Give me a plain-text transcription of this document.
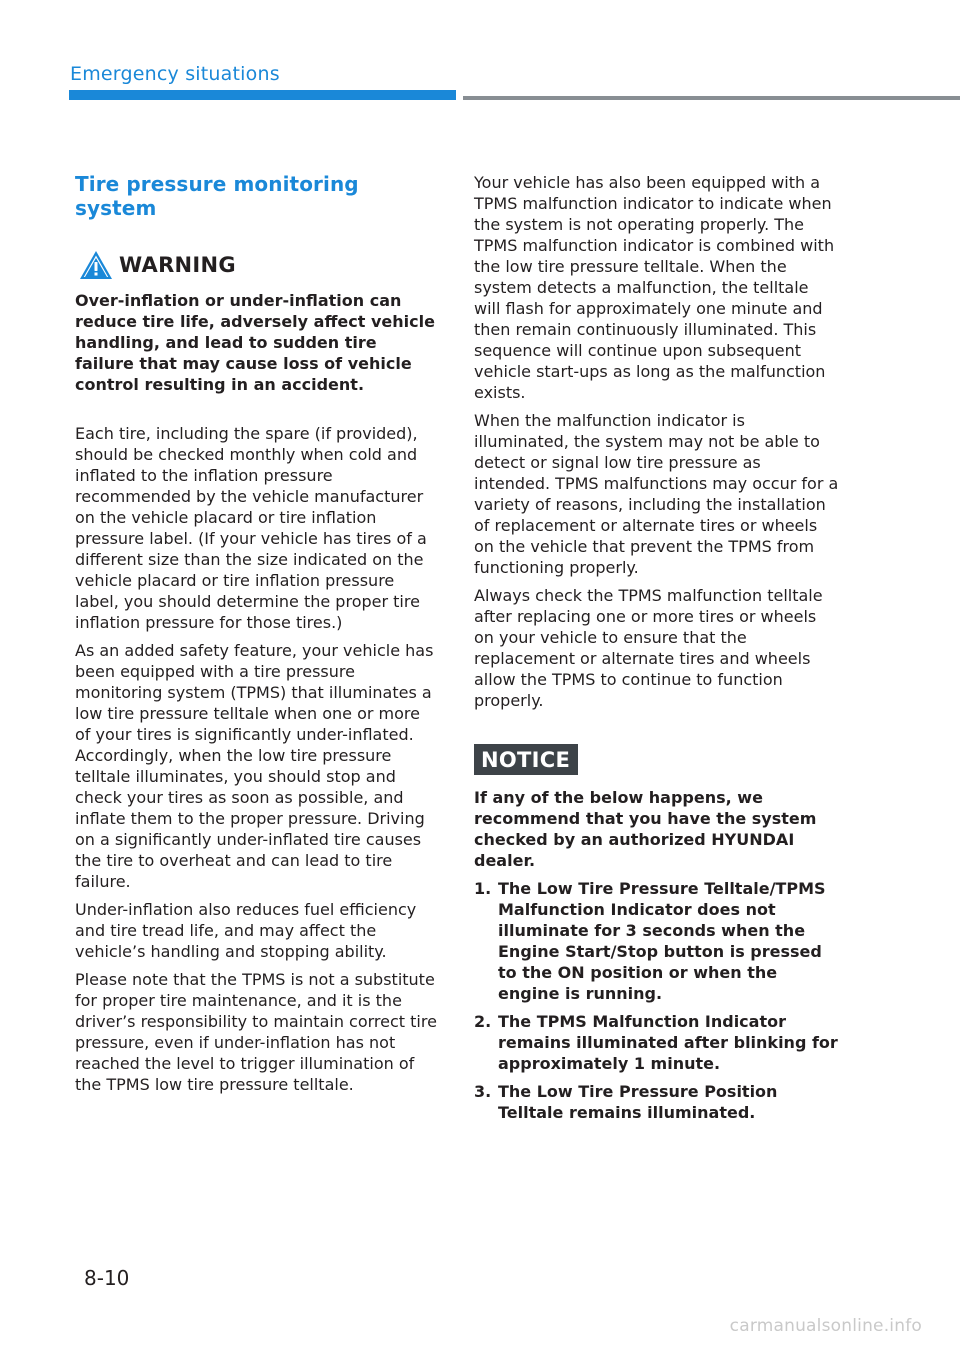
Emergency situations
Tire pressure monitoring system
WARNING

Over-inflation or under-inflation can reduce tire life, adversely affect vehicle handling, and lead to sudden tire failure that may cause loss of vehicle control resulting in an accident.

Each tire, including the spare (if provided), should be checked monthly when cold and inflated to the inflation pressure recommended by the vehicle manufacturer on the vehicle placard or tire inflation pressure label. (If your vehicle has tires of a different size than the size indicated on the vehicle placard or tire inflation pressure label, you should determine the proper tire inflation pressure for those tires.)

As an added safety feature, your vehicle has been equipped with a tire pressure monitoring system (TPMS) that illuminates a low tire pressure telltale when one or more of your tires is significantly under-inflated. Accordingly, when the low tire pressure telltale illuminates, you should stop and check your tires as soon as possible, and inflate them to the proper pressure. Driving on a significantly under-inflated tire causes the tire to overheat and can lead to tire failure.

Under-inflation also reduces fuel efficiency and tire tread life, and may affect the vehicle’s handling and stopping ability.

Please note that the TPMS is not a substitute for proper tire maintenance, and it is the driver’s responsibility to maintain correct tire pressure, even if under-inflation has not reached the level to trigger illumination of the TPMS low tire pressure telltale.

Your vehicle has also been equipped with a TPMS malfunction indicator to indicate when the system is not operating properly. The TPMS malfunction indicator is combined with the low tire pressure telltale. When the system detects a malfunction, the telltale will flash for approximately one minute and then remain continuously illuminated. This sequence will continue upon subsequent vehicle start-ups as long as the malfunction exists.

When the malfunction indicator is illuminated, the system may not be able to detect or signal low tire pressure as intended. TPMS malfunctions may occur for a variety of reasons, including the installation of replacement or alternate tires or wheels on the vehicle that prevent the TPMS from functioning properly.

Always check the TPMS malfunction telltale after replacing one or more tires or wheels on your vehicle to ensure that the replacement or alternate tires and wheels allow the TPMS to continue to function properly.

NOTICE

If any of the below happens, we recommend that you have the system checked by an authorized HYUNDAI dealer.

1. The Low Tire Pressure Telltale/TPMS Malfunction Indicator does not illuminate for 3 seconds when the Engine Start/Stop button is pressed to the ON position or when the engine is running.
2. The TPMS Malfunction Indicator remains illuminated after blinking for approximately 1 minute.
3. The Low Tire Pressure Position Telltale remains illuminated.
8-10
carmanualsonline.info
